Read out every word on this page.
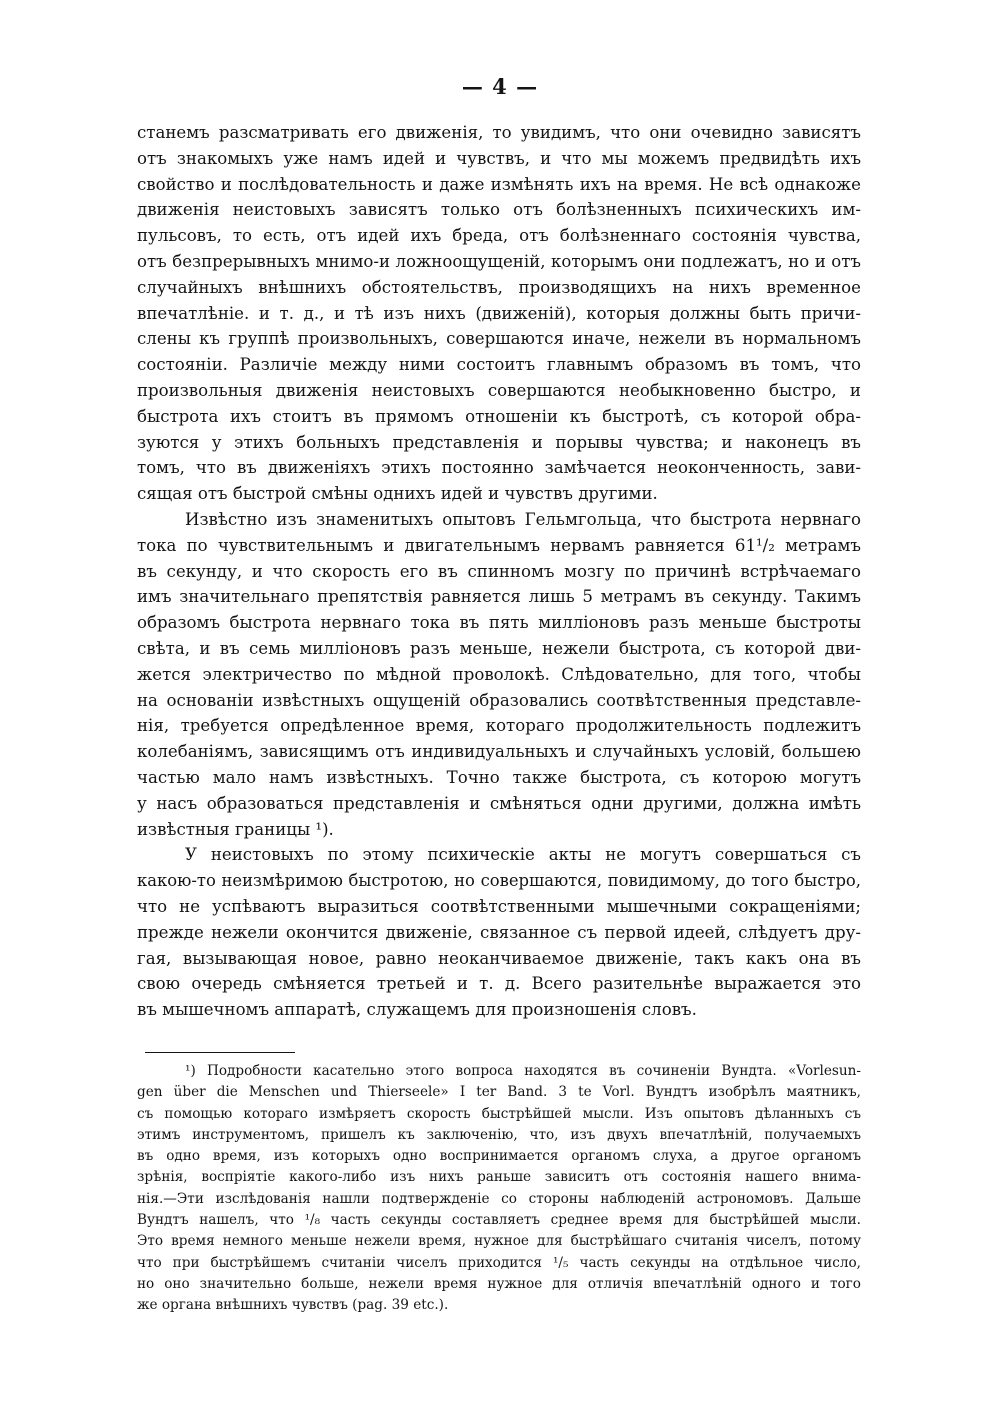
— 4 —
станемъ разсматривать его движенія, то увидимъ, что они очевидно зависятъ
отъ знакомыхъ уже намъ идей и чувствъ, и что мы можемъ предвидѣть ихъ
свойство и послѣдовательность и даже измѣнять ихъ на время. Не всѣ однакоже
движенія неистовыхъ зависятъ только отъ болѣзненныхъ психическихъ им-
пульсовъ, то есть, отъ идей ихъ бреда, отъ болѣзненнаго состоянія чувства,
отъ безпрерывныхъ мнимо-и ложноощущеній, которымъ они подлежатъ, но и отъ
случайныхъ внѣшнихъ обстоятельствъ, производящихъ на нихъ временное
впечатлѣніе. и т. д., и тѣ изъ нихъ (движеній), которыя должны быть причи-
слены къ группѣ произвольныхъ, совершаются иначе, нежели въ нормальномъ
состояніи. Различіе между ними состоитъ главнымъ образомъ въ томъ, что
произвольныя движенія неистовыхъ совершаются необыкновенно быстро, и
быстрота ихъ стоитъ въ прямомъ отношеніи къ быстротѣ, съ которой обра-
зуются у этихъ больныхъ представленія и порывы чувства; и наконецъ въ
томъ, что въ движеніяхъ этихъ постоянно замѣчается неоконченность, зави-
сящая отъ быстрой смѣны однихъ идей и чувствъ другими.
Извѣстно изъ знаменитыхъ опытовъ Гельмгольца, что быстрота нервнаго
тока по чувствительнымъ и двигательнымъ нервамъ равняется 61¹/₂ метрамъ
въ секунду, и что скорость его въ спинномъ мозгу по причинѣ встрѣчаемаго
имъ значительнаго препятствія равняется лишь 5 метрамъ въ секунду. Такимъ
образомъ быстрота нервнаго тока въ пять милліоновъ разъ меньше быстроты
свѣта, и въ семь милліоновъ разъ меньше, нежели быстрота, съ которой дви-
жется электричество по мѣдной проволокѣ. Слѣдовательно, для того, чтобы
на основаніи извѣстныхъ ощущеній образовались соотвѣтственныя представле-
нія, требуется опредѣленное время, котораго продолжительность подлежитъ
колебаніямъ, зависящимъ отъ индивидуальныхъ и случайныхъ условій, большею
частью мало намъ извѣстныхъ. Точно также быстрота, съ которою могутъ
у насъ образоваться представленія и смѣняться одни другими, должна имѣть
извѣстныя границы ¹).
У неистовыхъ по этому психическіе акты не могутъ совершаться съ
какою-то неизмѣримою быстротою, но совершаются, повидимому, до того быстро,
что не успѣваютъ выразиться соотвѣтственными мышечными сокращеніями;
прежде нежели окончится движеніе, связанное съ первой идеей, слѣдуетъ дру-
гая, вызывающая новое, равно неоканчиваемое движеніе, такъ какъ она въ
свою очередь смѣняется третьей и т. д. Всего разительнѣе выражается это
въ мышечномъ аппаратѣ, служащемъ для произношенія словъ.
¹) Подробности касательно этого вопроса находятся въ сочиненіи Вундта. «Vorlesun-
gen über die Menschen und Thierseele» I ter Band. 3 te Vorl. Вундтъ изобрѣлъ маятникъ,
съ помощью котораго измѣряетъ скорость быстрѣйшей мысли. Изъ опытовъ дѣланныхъ съ
этимъ инструментомъ, пришелъ къ заключенію, что, изъ двухъ впечатлѣній, получаемыхъ
въ одно время, изъ которыхъ одно воспринимается органомъ слуха, а другое органомъ
зрѣнія, воспріятіе какого-либо изъ нихъ раньше зависитъ отъ состоянія нашего внима-
нія.—Эти изслѣдованія нашли подтвержденіе со стороны наблюденій астрономовъ. Дальше
Вундтъ нашелъ, что ¹/₈ часть секунды составляетъ среднее время для быстрѣйшей мысли.
Это время немного меньше нежели время, нужное для быстрѣйшаго считанія чиселъ, потому
что при быстрѣйшемъ считаніи чиселъ приходится ¹/₅ часть секунды на отдѣльное число,
но оно значительно больше, нежели время нужное для отличія впечатлѣній одного и того
же органа внѣшнихъ чувствъ (pag. 39 etc.).
